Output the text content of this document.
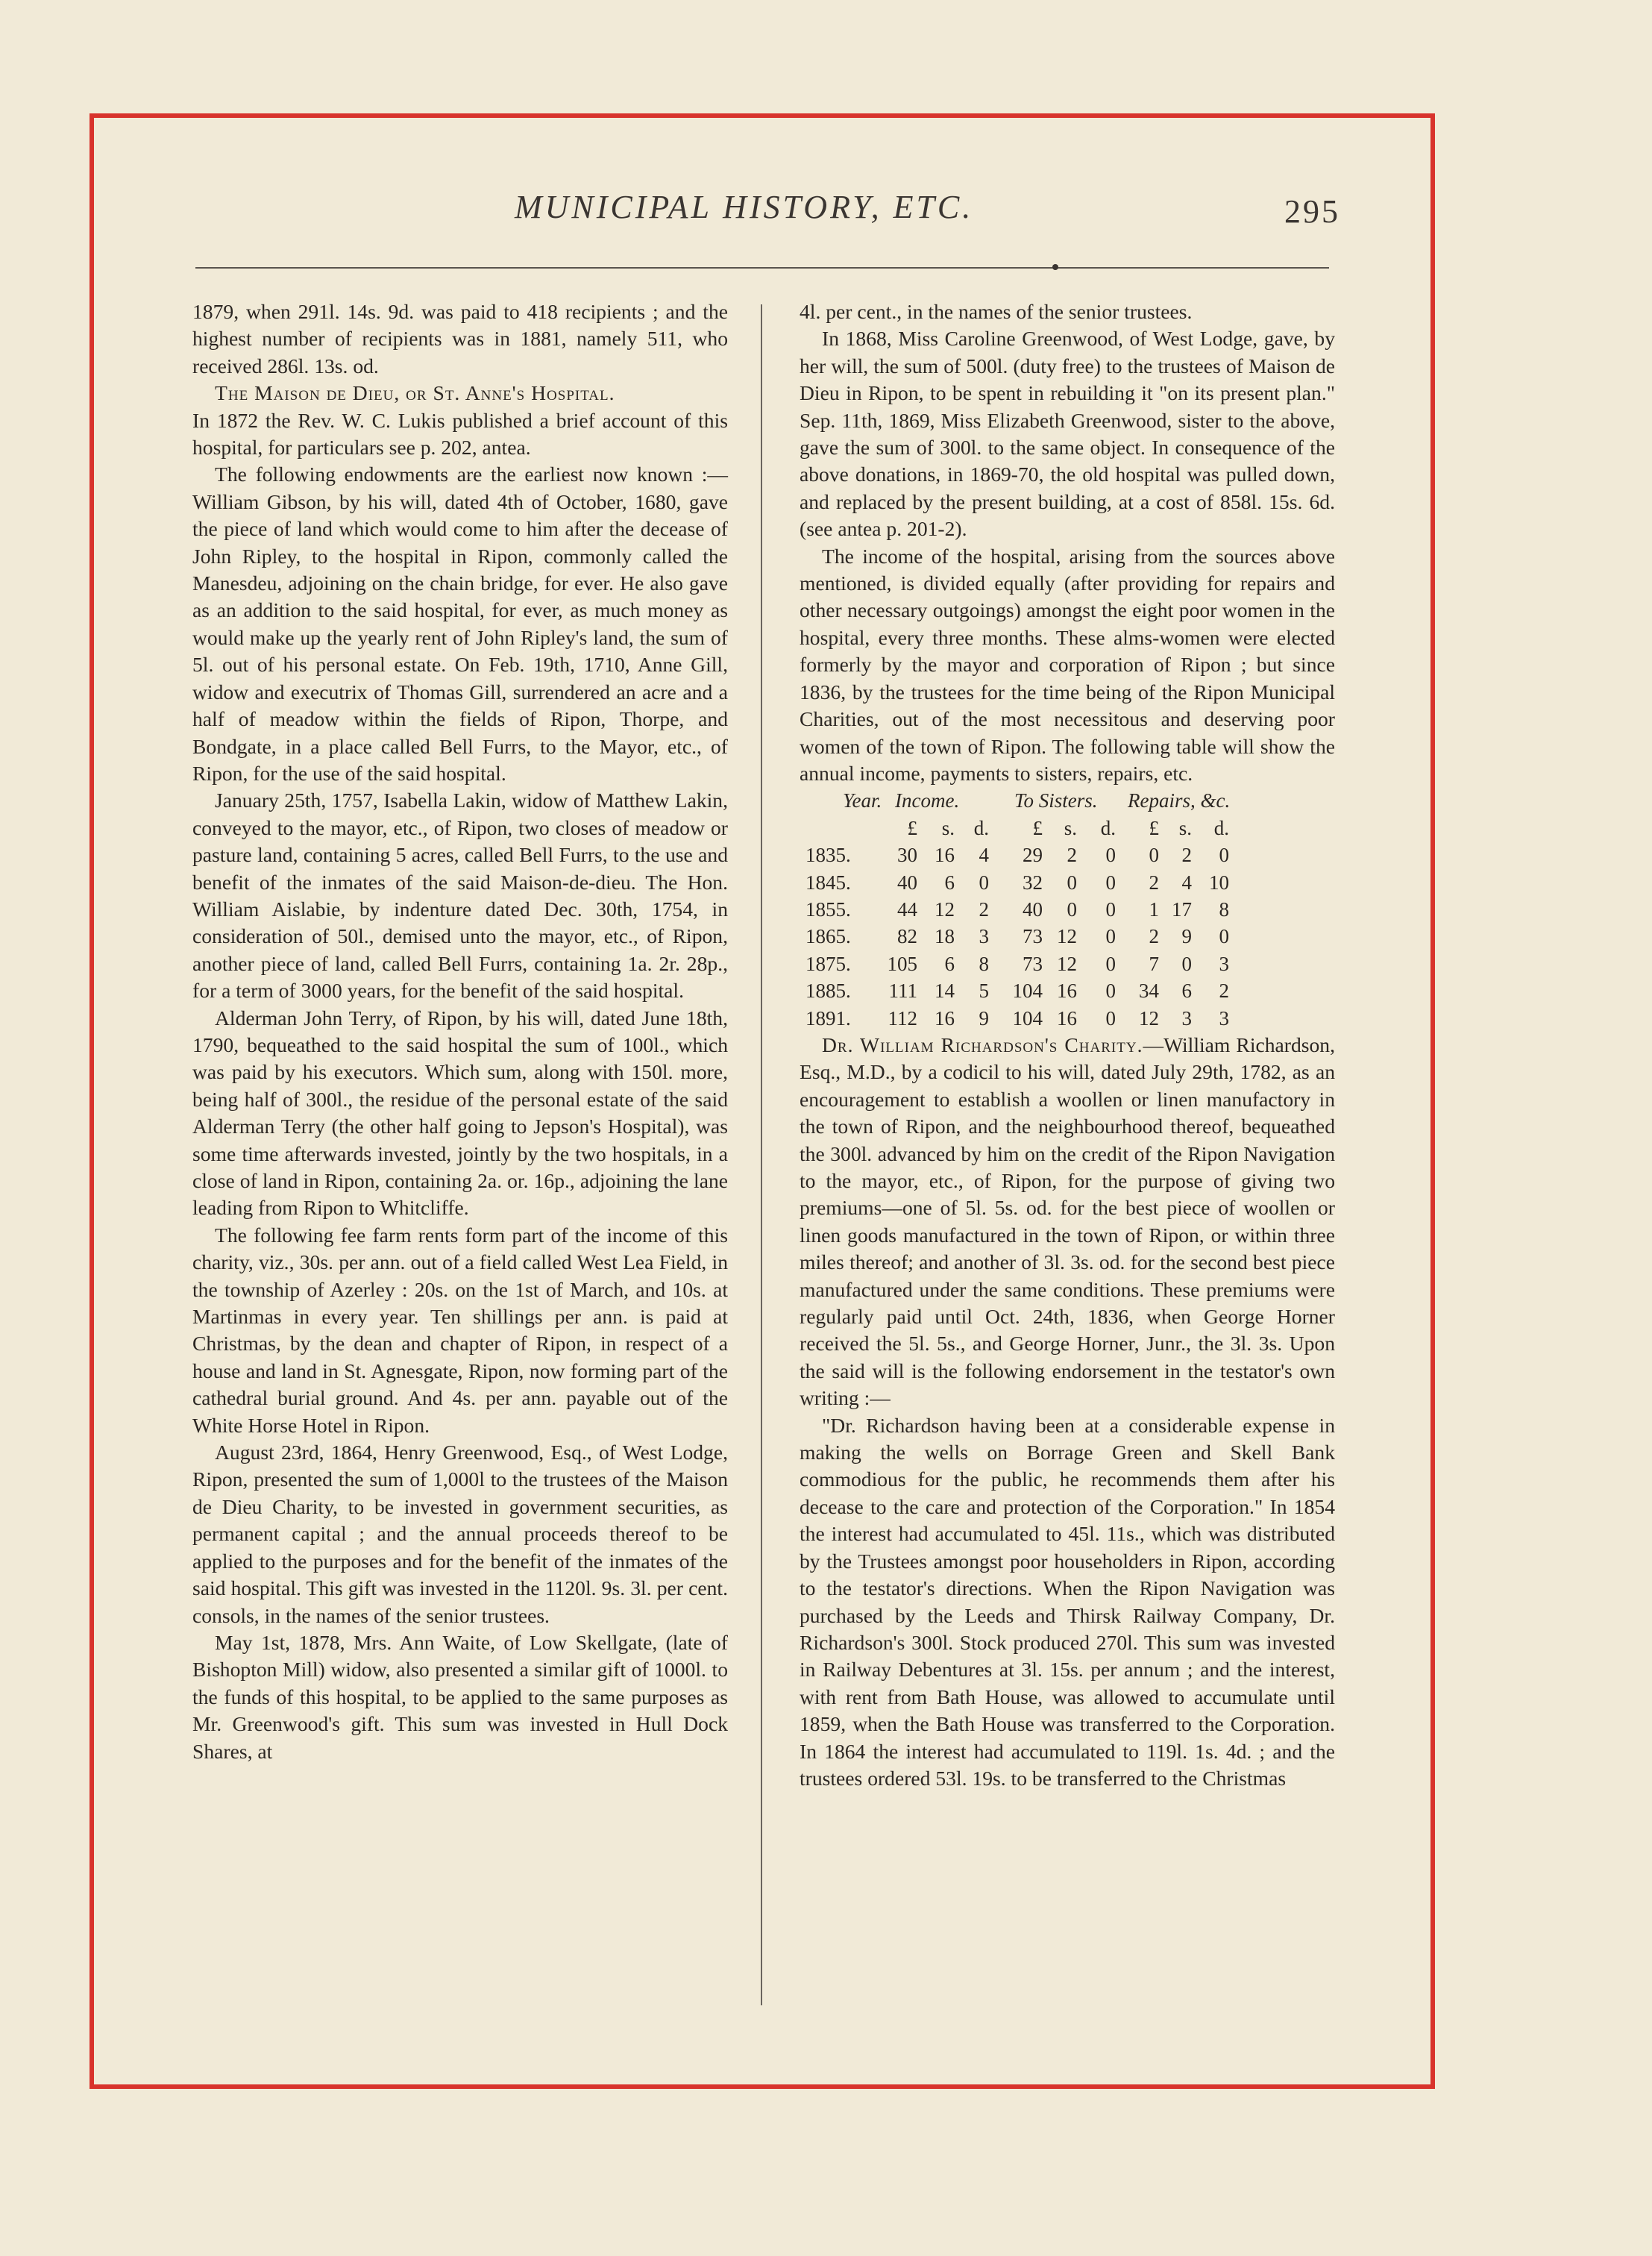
MUNICIPAL HISTORY, ETC.	295

1879, when 291l. 14s. 9d. was paid to 418 recipients ; and the highest number of recipients was in 1881, namely 511, who received 286l. 13s. od.

The Maison de Dieu, or St. Anne's Hospital.

In 1872 the Rev. W. C. Lukis published a brief account of this hospital, for particulars see p. 202, antea.

The following endowments are the earliest now known :—William Gibson, by his will, dated 4th of October, 1680, gave the piece of land which would come to him after the decease of John Ripley, to the hospital in Ripon, commonly called the Manesdeu, adjoining on the chain bridge, for ever. He also gave as an addition to the said hospital, for ever, as much money as would make up the yearly rent of John Ripley's land, the sum of 5l. out of his personal estate. On Feb. 19th, 1710, Anne Gill, widow and executrix of Thomas Gill, surrendered an acre and a half of meadow within the fields of Ripon, Thorpe, and Bondgate, in a place called Bell Furrs, to the Mayor, etc., of Ripon, for the use of the said hospital.

January 25th, 1757, Isabella Lakin, widow of Matthew Lakin, conveyed to the mayor, etc., of Ripon, two closes of meadow or pasture land, containing 5 acres, called Bell Furrs, to the use and benefit of the inmates of the said Maison-de-dieu. The Hon. William Aislabie, by indenture dated Dec. 30th, 1754, in consideration of 50l., demised unto the mayor, etc., of Ripon, another piece of land, called Bell Furrs, containing 1a. 2r. 28p., for a term of 3000 years, for the benefit of the said hospital.

Alderman John Terry, of Ripon, by his will, dated June 18th, 1790, bequeathed to the said hospital the sum of 100l., which was paid by his executors. Which sum, along with 150l. more, being half of 300l., the residue of the personal estate of the said Alderman Terry (the other half going to Jepson's Hospital), was some time afterwards invested, jointly by the two hospitals, in a close of land in Ripon, containing 2a. or. 16p., adjoining the lane leading from Ripon to Whitcliffe.

The following fee farm rents form part of the income of this charity, viz., 30s. per ann. out of a field called West Lea Field, in the township of Azerley : 20s. on the 1st of March, and 10s. at Martinmas in every year. Ten shillings per ann. is paid at Christmas, by the dean and chapter of Ripon, in respect of a house and land in St. Agnesgate, Ripon, now forming part of the cathedral burial ground. And 4s. per ann. payable out of the White Horse Hotel in Ripon.

August 23rd, 1864, Henry Greenwood, Esq., of West Lodge, Ripon, presented the sum of 1,000l to the trustees of the Maison de Dieu Charity, to be invested in government securities, as permanent capital ; and the annual proceeds thereof to be applied to the purposes and for the benefit of the inmates of the said hospital. This gift was invested in the 1120l. 9s. 3l. per cent. consols, in the names of the senior trustees.

May 1st, 1878, Mrs. Ann Waite, of Low Skellgate, (late of Bishopton Mill) widow, also presented a similar gift of 1000l. to the funds of this hospital, to be applied to the same purposes as Mr. Greenwood's gift. This sum was invested in Hull Dock Shares, at

4l. per cent., in the names of the senior trustees.

In 1868, Miss Caroline Greenwood, of West Lodge, gave, by her will, the sum of 500l. (duty free) to the trustees of Maison de Dieu in Ripon, to be spent in rebuilding it "on its present plan." Sep. 11th, 1869, Miss Elizabeth Greenwood, sister to the above, gave the sum of 300l. to the same object. In consequence of the above donations, in 1869-70, the old hospital was pulled down, and replaced by the present building, at a cost of 858l. 15s. 6d. (see antea p. 201-2).

The income of the hospital, arising from the sources above mentioned, is divided equally (after providing for repairs and other necessary outgoings) amongst the eight poor women in the hospital, every three months. These alms-women were elected formerly by the mayor and corporation of Ripon ; but since 1836, by the trustees for the time being of the Ripon Municipal Charities, out of the most necessitous and deserving poor women of the town of Ripon. The following table will show the annual income, payments to sisters, repairs, etc.

Year. Income.	To Sisters.	Repairs, &c.
£	s. d.	£	s.	d.	£ s.	d.
1835.	30 16	4	29	2	0	0	2	0
1845.	40	6	0	32	0	0	2	4 10
1855.	44 12	2	40	0	0	1 17	8
1865.	82 18	3	73 12	0	2	9	0
1875.	105	6	8	73 12	0	7	0	3
1885.	111 14	5	104 16	0	34	6	2
1891.	112 16	9	104 16	0	12	3	3

Dr. William Richardson's Charity.—William Richardson, Esq., M.D., by a codicil to his will, dated July 29th, 1782, as an encouragement to establish a woollen or linen manufactory in the town of Ripon, and the neighbourhood thereof, bequeathed the 300l. advanced by him on the credit of the Ripon Navigation to the mayor, etc., of Ripon, for the purpose of giving two premiums—one of 5l. 5s. od. for the best piece of woollen or linen goods manufactured in the town of Ripon, or within three miles thereof; and another of 3l. 3s. od. for the second best piece manufactured under the same conditions. These premiums were regularly paid until Oct. 24th, 1836, when George Horner received the 5l. 5s., and George Horner, Junr., the 3l. 3s. Upon the said will is the following endorsement in the testator's own writing :—

"Dr. Richardson having been at a considerable expense in making the wells on Borrage Green and Skell Bank commodious for the public, he recommends them after his decease to the care and protection of the Corporation." In 1854 the interest had accumulated to 45l. 11s., which was distributed by the Trustees amongst poor householders in Ripon, according to the testator's directions. When the Ripon Navigation was purchased by the Leeds and Thirsk Railway Company, Dr. Richardson's 300l. Stock produced 270l. This sum was invested in Railway Debentures at 3l. 15s. per annum ; and the interest, with rent from Bath House, was allowed to accumulate until 1859, when the Bath House was transferred to the Corporation. In 1864 the interest had accumulated to 119l. 1s. 4d. ; and the trustees ordered 53l. 19s. to be transferred to the Christmas
